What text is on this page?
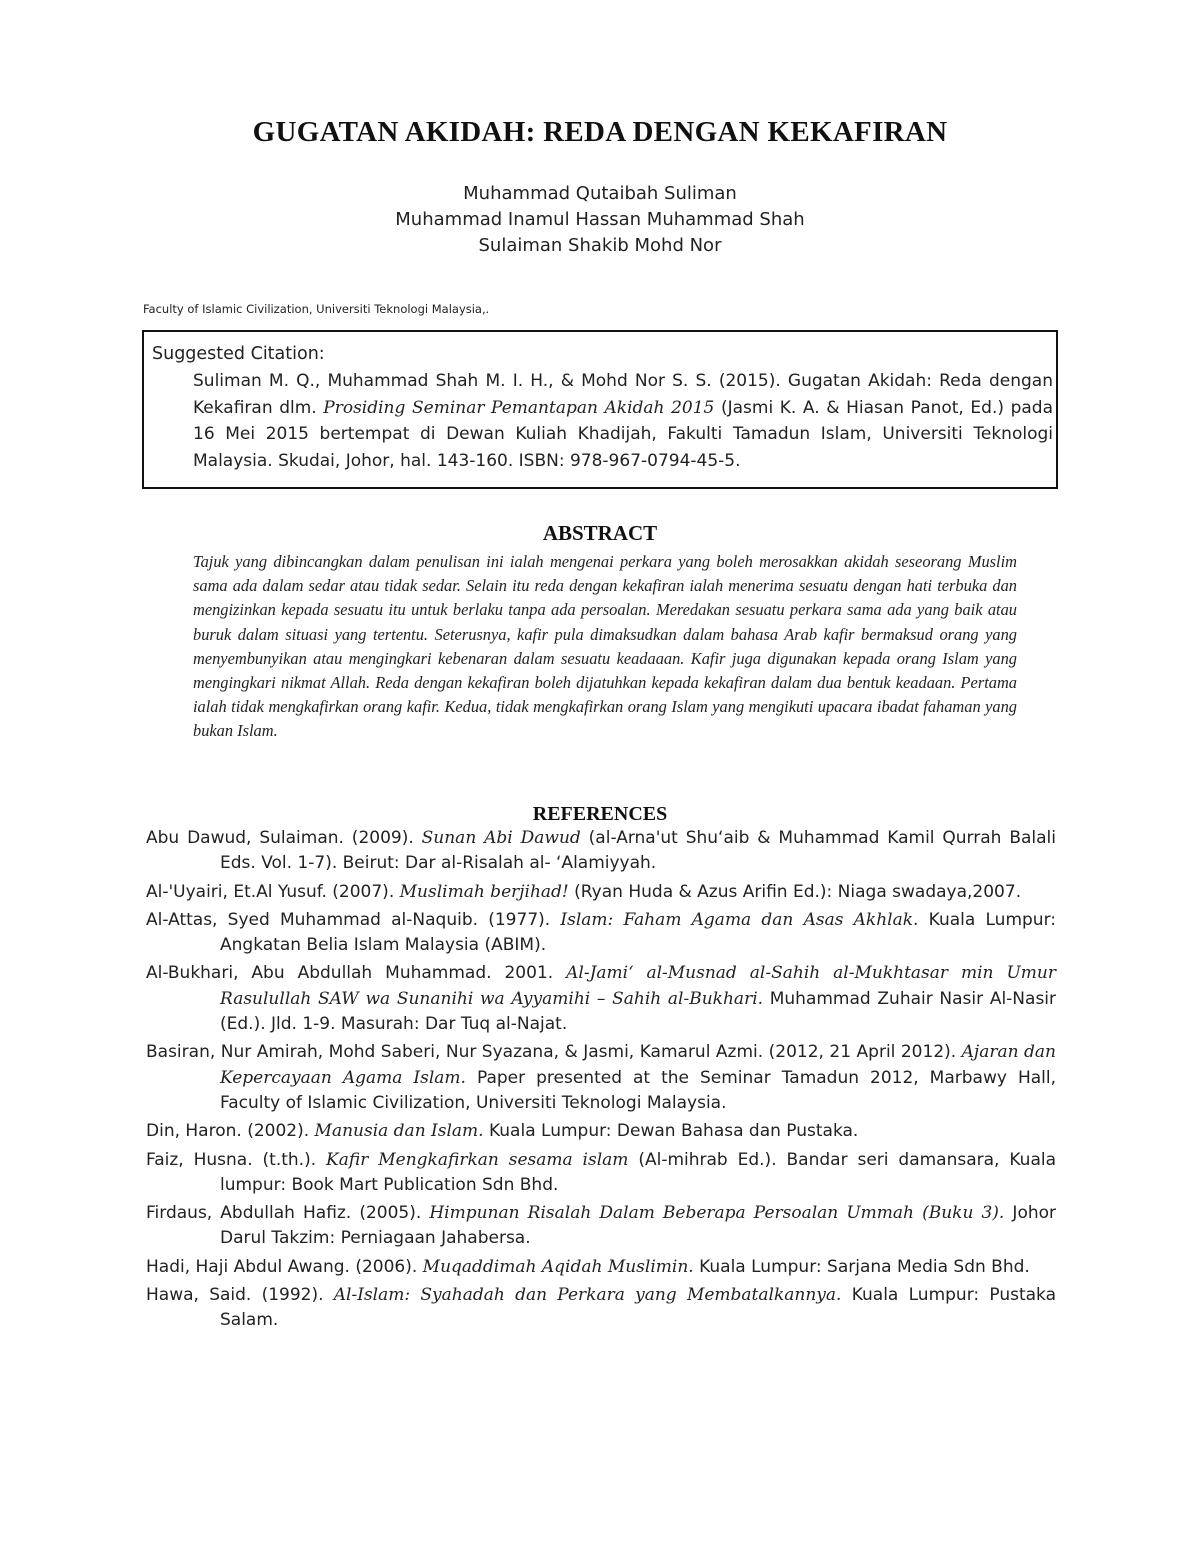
GUGATAN AKIDAH: REDA DENGAN KEKAFIRAN
Muhammad Qutaibah Suliman
Muhammad Inamul Hassan Muhammad Shah
Sulaiman Shakib Mohd Nor
Faculty of Islamic Civilization, Universiti Teknologi Malaysia,.
Suggested Citation:
Suliman M. Q., Muhammad Shah M. I. H., & Mohd Nor S. S. (2015). Gugatan Akidah: Reda dengan Kekafiran dlm. Prosiding Seminar Pemantapan Akidah 2015 (Jasmi K. A. & Hiasan Panot, Ed.) pada 16 Mei 2015 bertempat di Dewan Kuliah Khadijah, Fakulti Tamadun Islam, Universiti Teknologi Malaysia. Skudai, Johor, hal. 143-160. ISBN: 978-967-0794-45-5.
ABSTRACT
Tajuk yang dibincangkan dalam penulisan ini ialah mengenai perkara yang boleh merosakkan akidah seseorang Muslim sama ada dalam sedar atau tidak sedar. Selain itu reda dengan kekafiran ialah menerima sesuatu dengan hati terbuka dan mengizinkan kepada sesuatu itu untuk berlaku tanpa ada persoalan. Meredakan sesuatu perkara sama ada yang baik atau buruk dalam situasi yang tertentu. Seterusnya, kafir pula dimaksudkan dalam bahasa Arab kafir bermaksud orang yang menyembunyikan atau mengingkari kebenaran dalam sesuatu keadaaan. Kafir juga digunakan kepada orang Islam yang mengingkari nikmat Allah. Reda dengan kekafiran boleh dijatuhkan kepada kekafiran dalam dua bentuk keadaan. Pertama ialah tidak mengkafirkan orang kafir. Kedua, tidak mengkafirkan orang Islam yang mengikuti upacara ibadat fahaman yang bukan Islam.
REFERENCES
Abu Dawud, Sulaiman. (2009). Sunan Abi Dawud (al-Arna'ut Shu‘aib & Muhammad Kamil Qurrah Balali Eds. Vol. 1-7). Beirut: Dar al-Risalah al- ‘Alamiyyah.
Al-'Uyairi, Et.Al Yusuf. (2007). Muslimah berjihad! (Ryan Huda & Azus Arifin Ed.): Niaga swadaya,2007.
Al-Attas, Syed Muhammad al-Naquib. (1977). Islam: Faham Agama dan Asas Akhlak. Kuala Lumpur: Angkatan Belia Islam Malaysia (ABIM).
Al-Bukhari, Abu Abdullah Muhammad. 2001. Al-Jami‘ al-Musnad al-Sahih al-Mukhtasar min Umur Rasulullah SAW wa Sunanihi wa Ayyamihi – Sahih al-Bukhari. Muhammad Zuhair Nasir Al-Nasir (Ed.). Jld. 1-9. Masurah: Dar Tuq al-Najat.
Basiran, Nur Amirah, Mohd Saberi, Nur Syazana, & Jasmi, Kamarul Azmi. (2012, 21 April 2012). Ajaran dan Kepercayaan Agama Islam. Paper presented at the Seminar Tamadun 2012, Marbawy Hall, Faculty of Islamic Civilization, Universiti Teknologi Malaysia.
Din, Haron. (2002). Manusia dan Islam. Kuala Lumpur: Dewan Bahasa dan Pustaka.
Faiz, Husna. (t.th.). Kafir Mengkafirkan sesama islam (Al-mihrab Ed.). Bandar seri damansara, Kuala lumpur: Book Mart Publication Sdn Bhd.
Firdaus, Abdullah Hafiz. (2005). Himpunan Risalah Dalam Beberapa Persoalan Ummah (Buku 3). Johor Darul Takzim: Perniagaan Jahabersa.
Hadi, Haji Abdul Awang. (2006). Muqaddimah Aqidah Muslimin. Kuala Lumpur: Sarjana Media Sdn Bhd.
Hawa, Said. (1992). Al-Islam: Syahadah dan Perkara yang Membatalkannya. Kuala Lumpur: Pustaka Salam.
